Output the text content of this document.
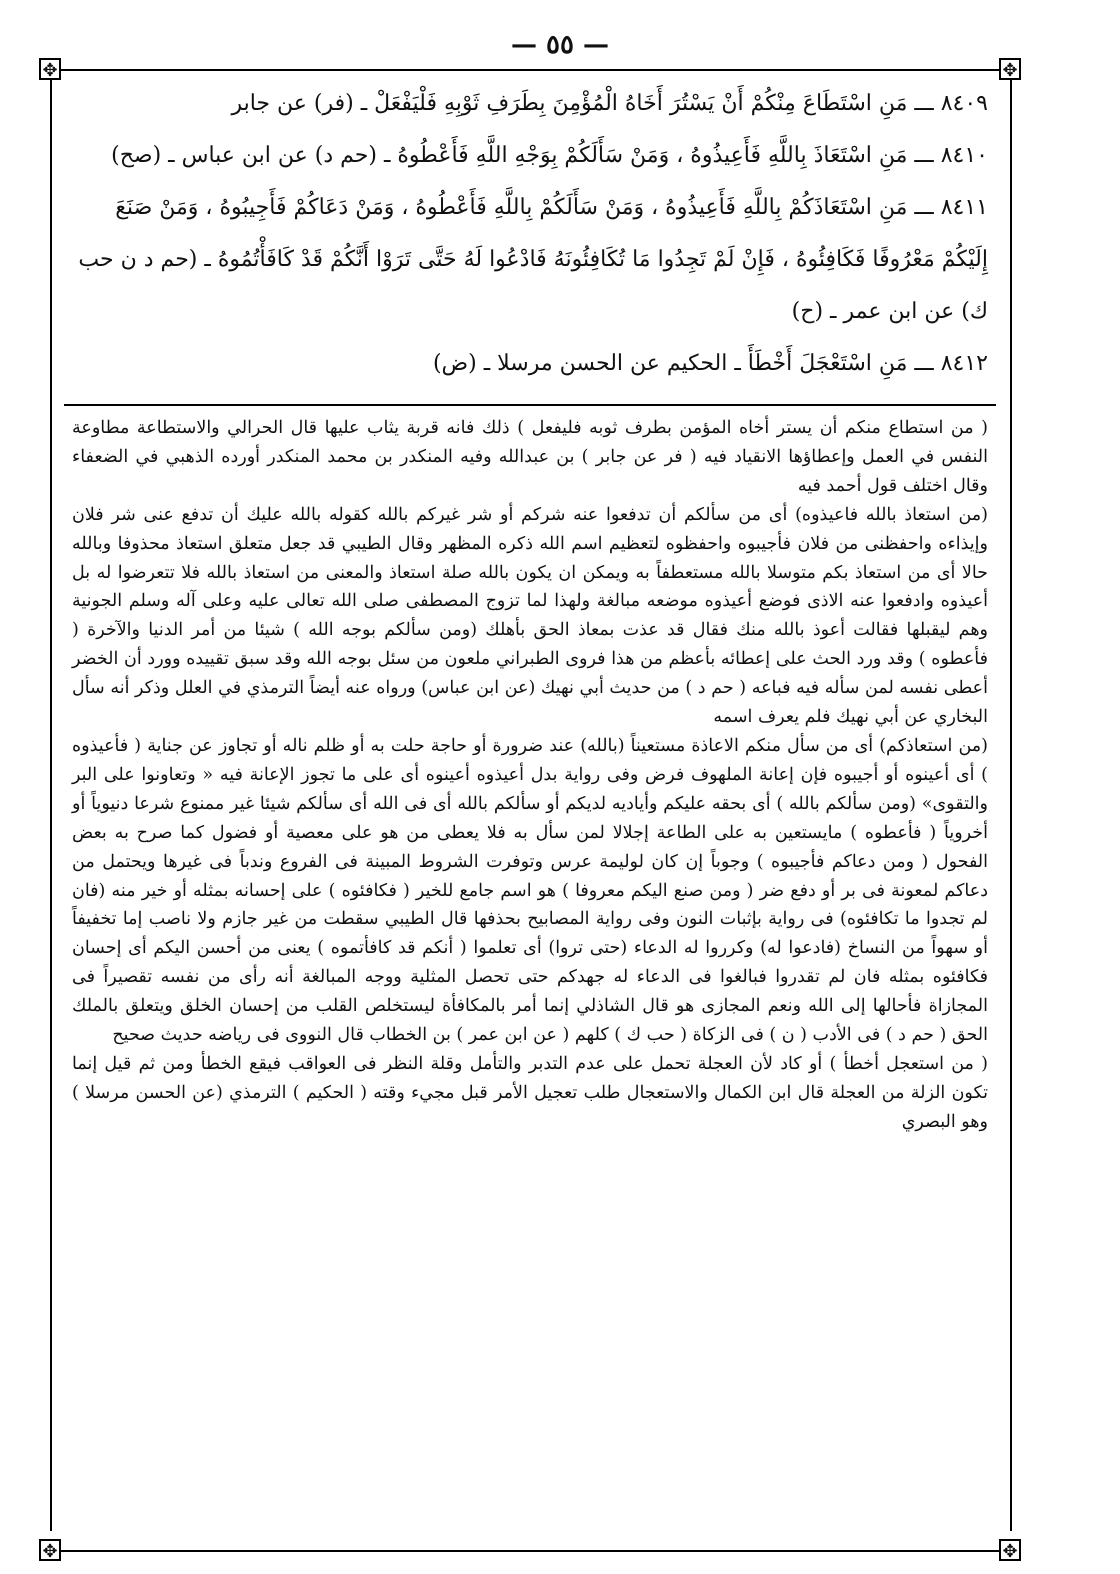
— ٥٥ —
✥	✥
✥	✥

٨٤٠٩ ـــ مَنِ اسْتَطَاعَ مِنْكُمْ أَنْ يَسْتُرَ أَخَاهُ الْمُؤْمِنَ بِطَرَفِ ثَوْبِهِ فَلْيَفْعَلْ ـ (فر) عن جابر

٨٤١٠ ـــ مَنِ اسْتَعَاذَ بِاللَّهِ فَأَعِيذُوهُ ، وَمَنْ سَأَلَكُمْ بِوَجْهِ اللَّهِ فَأَعْطُوهُ ـ (حم د) عن ابن عباس ـ (صح)

٨٤١١ ـــ مَنِ اسْتَعَاذَكُمْ بِاللَّهِ فَأَعِيذُوهُ ، وَمَنْ سَأَلَكُمْ بِاللَّهِ فَأَعْطُوهُ ، وَمَنْ دَعَاكُمْ فَأَجِيبُوهُ ، وَمَنْ صَنَعَ إِلَيْكُمْ مَعْرُوفًا فَكَافِئُوهُ ، فَإِنْ لَمْ تَجِدُوا مَا تُكَافِئُونَهُ فَادْعُوا لَهُ حَتَّى تَرَوْا أَنَّكُمْ قَدْ كَافَأْتُمُوهُ ـ (حم د ن حب ك) عن ابن عمر ـ (ح)

٨٤١٢ ـــ مَنِ اسْتَعْجَلَ أَخْطَأَ ـ الحكيم عن الحسن مرسلا ـ (ض)

( من استطاع منكم أن يستر أخاه المؤمن بطرف ثوبه فليفعل ) ذلك فانه قربة يثاب عليها قال الحرالي والاستطاعة مطاوعة النفس في العمل وإعطاؤها الانقياد فيه ( فر عن جابر ) بن عبدالله وفيه المنكدر بن محمد المنكدر أورده الذهبي في الضعفاء وقال اختلف قول أحمد فيه

(من استعاذ بالله فاعيذوه) أى من سألكم أن تدفعوا عنه شركم أو شر غيركم بالله كقوله بالله عليك أن تدفع عنى شر فلان وإيذاءه واحفظنى من فلان فأجيبوه واحفظوه لتعظيم اسم الله ذكره المظهر وقال الطيبي قد جعل متعلق استعاذ محذوفا وبالله حالا أى من استعاذ بكم متوسلا بالله مستعطفاً به ويمكن ان يكون بالله صلة استعاذ والمعنى من استعاذ بالله فلا تتعرضوا له بل أعيذوه وادفعوا عنه الاذى فوضع أعيذوه موضعه مبالغة ولهذا لما تزوج المصطفى صلى الله تعالى عليه وعلى آله وسلم الجونية وهم ليقبلها فقالت أعوذ بالله منك فقال قد عذت بمعاذ الحق بأهلك (ومن سألكم بوجه الله ) شيئا من أمر الدنيا والآخرة ( فأعطوه ) وقد ورد الحث على إعطائه بأعظم من هذا فروى الطبراني ملعون من سئل بوجه الله وقد سبق تقييده وورد أن الخضر أعطى نفسه لمن سأله فيه فباعه ( حم د ) من حديث أبي نهيك (عن ابن عباس) ورواه عنه أيضاً الترمذي في العلل وذكر أنه سأل البخاري عن أبي نهيك فلم يعرف اسمه

(من استعاذكم) أى من سأل منكم الاعاذة مستعيناً (بالله) عند ضرورة أو حاجة حلت به أو ظلم ناله أو تجاوز عن جناية ( فأعيذوه ) أى أعينوه أو أجيبوه فإن إعانة الملهوف فرض وفى رواية بدل أعيذوه أعينوه أى على ما تجوز الإعانة فيه « وتعاونوا على البر والتقوى» (ومن سألكم بالله ) أى بحقه عليكم وأياديه لديكم أو سألكم بالله أى فى الله أى سألكم شيئا غير ممنوع شرعا دنيوياً أو أخروياً ( فأعطوه ) مايستعين به على الطاعة إجلالا لمن سأل به فلا يعطى من هو على معصية أو فضول كما صرح به بعض الفحول ( ومن دعاكم فأجيبوه ) وجوباً إن كان لوليمة عرس وتوفرت الشروط المبينة فى الفروع وندباً فى غيرها ويحتمل من دعاكم لمعونة فى بر أو دفع ضر ( ومن صنع اليكم معروفا ) هو اسم جامع للخير ( فكافئوه ) على إحسانه بمثله أو خير منه (فان لم تجدوا ما تكافئوه) فى رواية بإثبات النون وفى رواية المصابيح بحذفها قال الطيبي سقطت من غير جازم ولا ناصب إما تخفيفاً أو سهواً من النساخ (فادعوا له) وكرروا له الدعاء (حتى تروا) أى تعلموا ( أنكم قد كافأتموه ) يعنى من أحسن اليكم أى إحسان فكافئوه بمثله فان لم تقدروا فبالغوا فى الدعاء له جهدكم حتى تحصل المثلية ووجه المبالغة أنه رأى من نفسه تقصيراً فى المجازاة فأحالها إلى الله ونعم المجازى هو قال الشاذلي إنما أمر بالمكافأة ليستخلص القلب من إحسان الخلق ويتعلق بالملك الحق ( حم د ) فى الأدب ( ن ) فى الزكاة ( حب ك ) كلهم ( عن ابن عمر ) بن الخطاب قال النووى فى رياضه حديث صحيح

( من استعجل أخطأ ) أو كاد لأن العجلة تحمل على عدم التدبر والتأمل وقلة النظر فى العواقب فيقع الخطأ ومن ثم قيل إنما تكون الزلة من العجلة قال ابن الكمال والاستعجال طلب تعجيل الأمر قبل مجيء وقته ( الحكيم ) الترمذي (عن الحسن مرسلا ) وهو البصري
